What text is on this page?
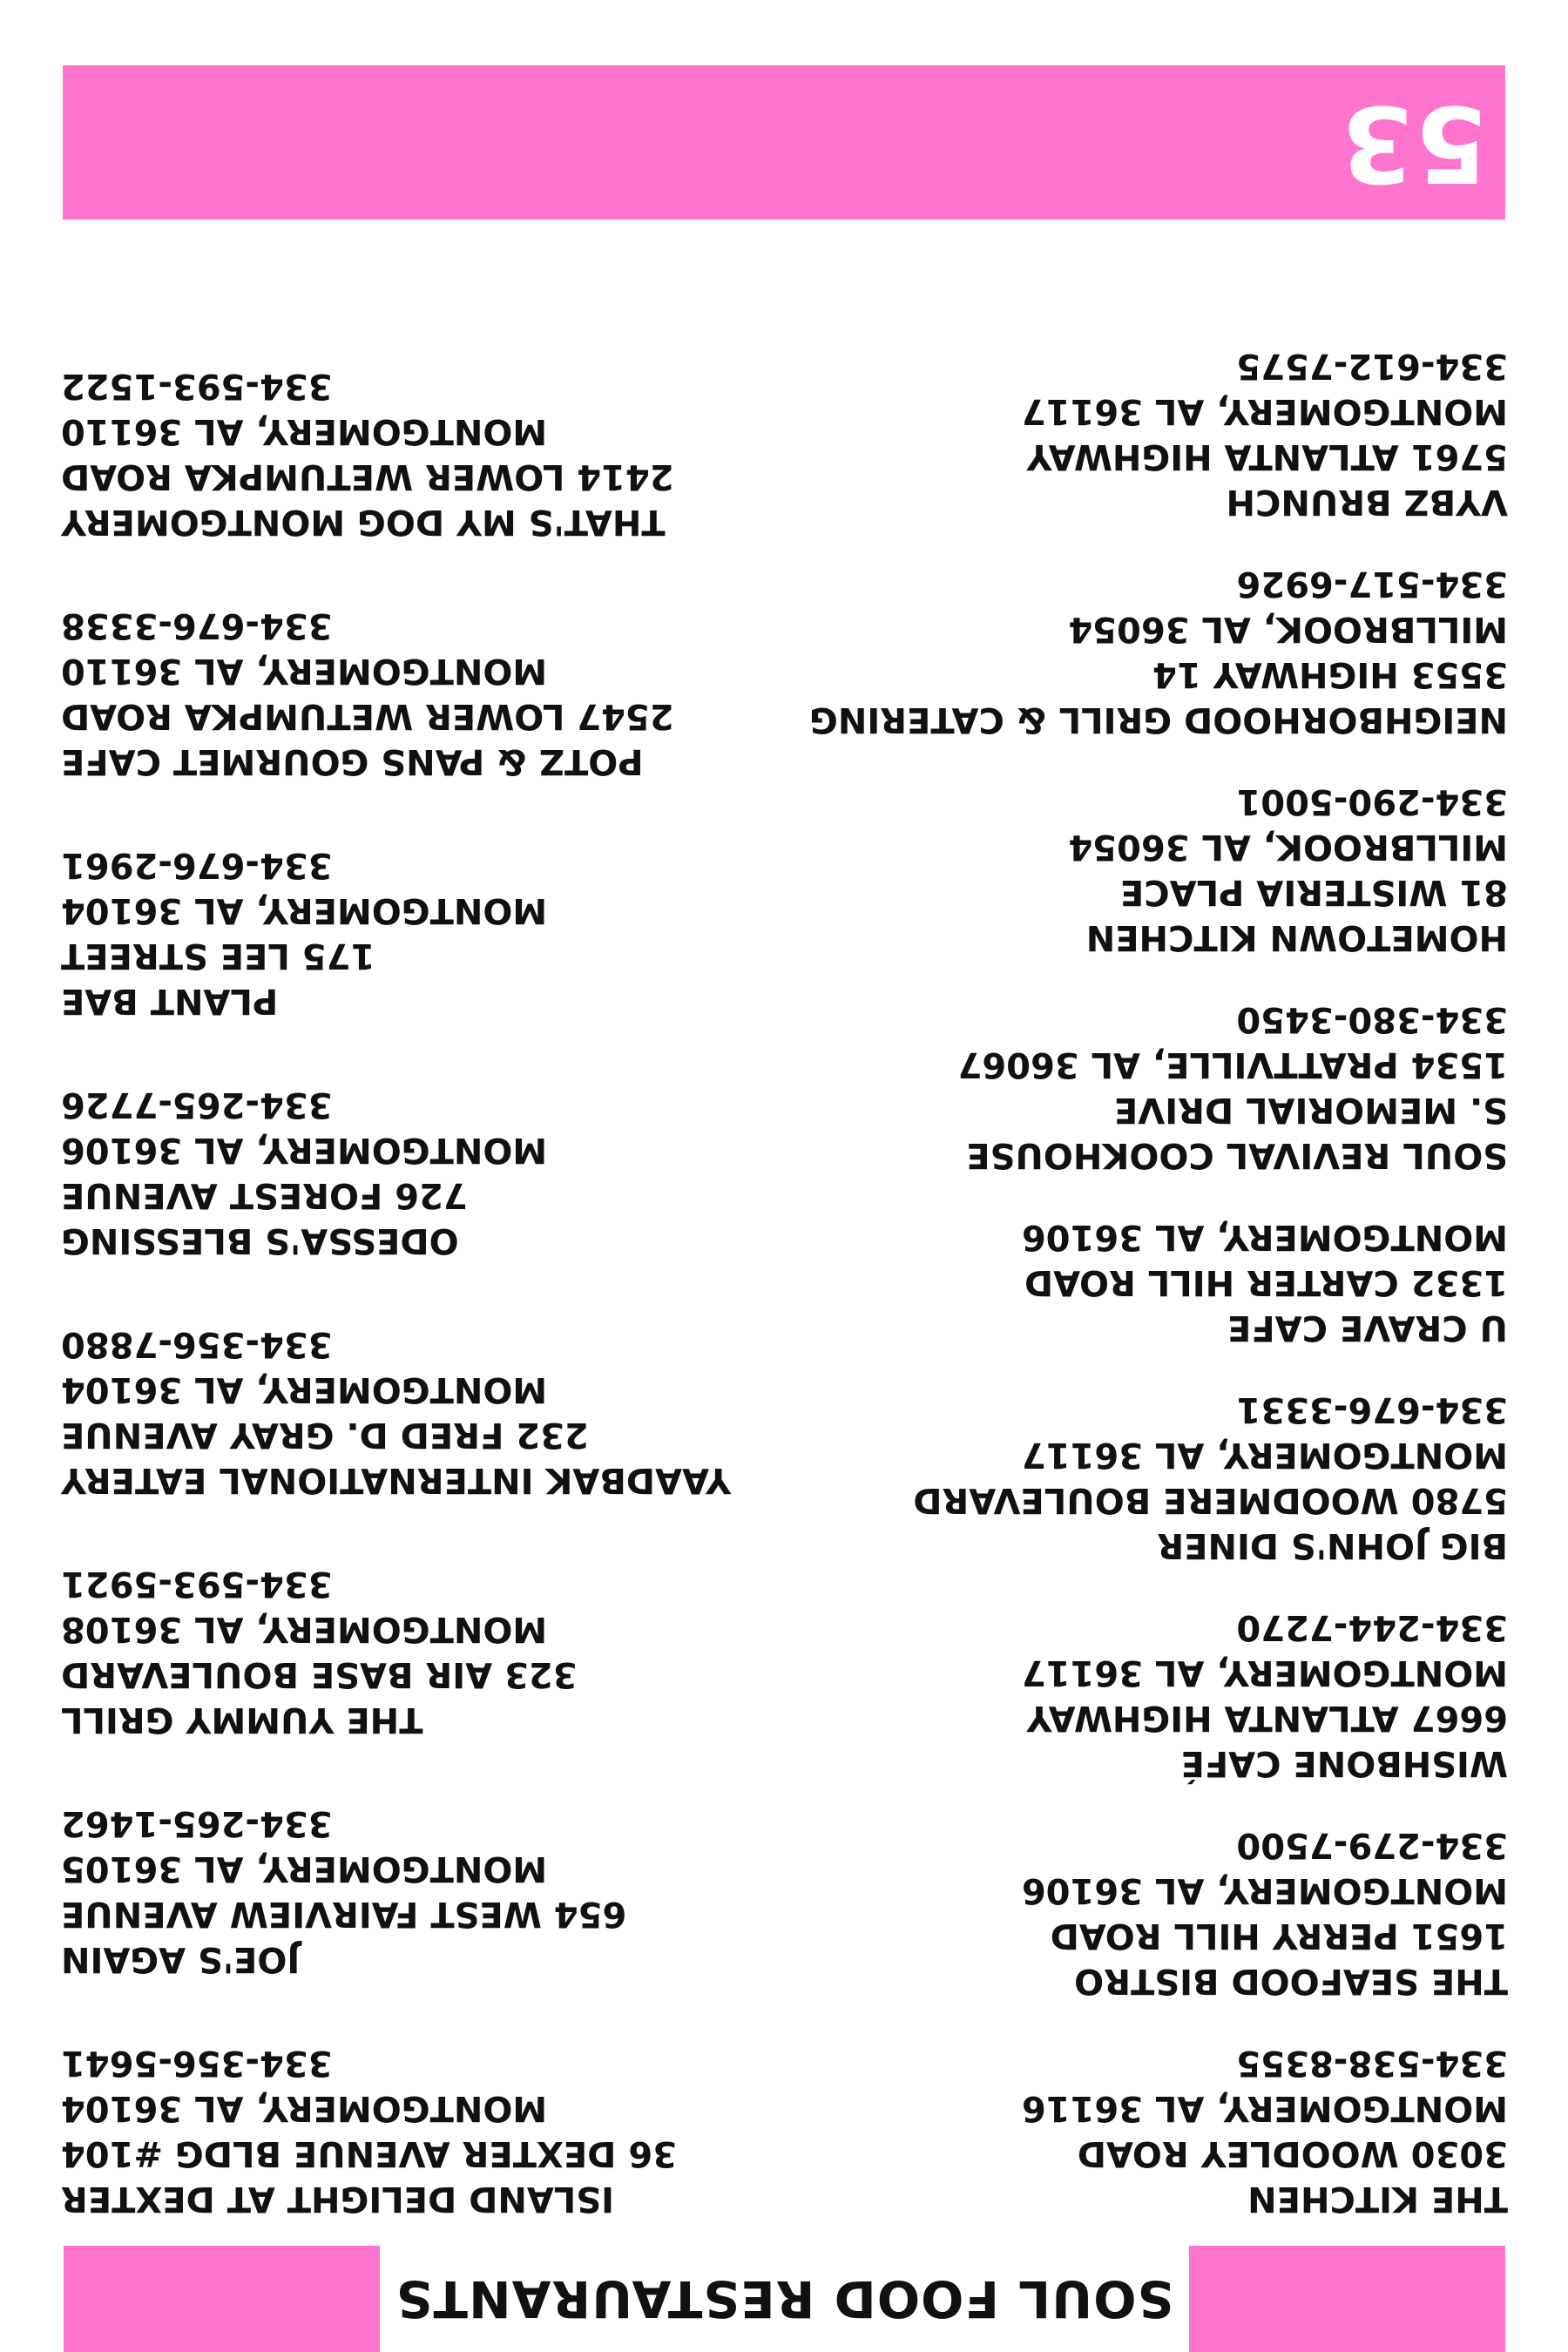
SOUL FOOD RESTAURANTS
THE KITCHEN
3030 WOODLEY ROAD
MONTGOMERY, AL 36116
334-538-8355
THE SEAFOOD BISTRO
1651 PERRY HILL ROAD
MONTGOMERY, AL 36106
334-279-7500
WISHBONE CAFÉ
6667 ATLANTA HIGHWAY
MONTGOMERY, AL 36117
334-244-7270
BIG JOHN'S DINER
5780 WOODMERE BOULEVARD
MONTGOMERY, AL 36117
334-676-3331
U CRAVE CAFE
1332 CARTER HILL ROAD
MONTGOMERY, AL 36106
SOUL REVIVAL COOKHOUSE
S. MEMORIAL DRIVE
1534 PRATTVILLE, AL 36067
334-380-3450
HOMETOWN KITCHEN
81 WISTERIA PLACE
MILLBROOK, AL 36054
334-290-5001
NEIGHBORHOOD GRILL & CATERING
3553 HIGHWAY 14
MILLBROOK, AL 36054
334-517-6926
VYBZ BRUNCH
5761 ATLANTA HIGHWAY
MONTGOMERY, AL 36117
334-612-7575
ISLAND DELIGHT AT DEXTER
36 DEXTER AVENUE BLDG #104
MONTGOMERY, AL 36104
334-356-5641
JOE'S AGAIN
654 WEST FAIRVIEW AVENUE
MONTGOMERY, AL 36105
334-265-1462
THE YUMMY GRILL
323 AIR BASE BOULEVARD
MONTGOMERY, AL 36108
334-593-5921
YAADBAK INTERNATIONAL EATERY
232 FRED D. GRAY AVENUE
MONTGOMERY, AL 36104
334-356-7880
ODESSA'S BLESSING
726 FOREST AVENUE
MONTGOMERY, AL 36106
334-265-7726
PLANT BAE
175 LEE STREET
MONTGOMERY, AL 36104
334-676-2961
POTZ & PANS GOURMET CAFE
2547 LOWER WETUMPKA ROAD
MONTGOMERY, AL 36110
334-676-3338
THAT'S MY DOG MONTGOMERY
2414 LOWER WETUMPKA ROAD
MONTGOMERY, AL 36110
334-593-1522
53
